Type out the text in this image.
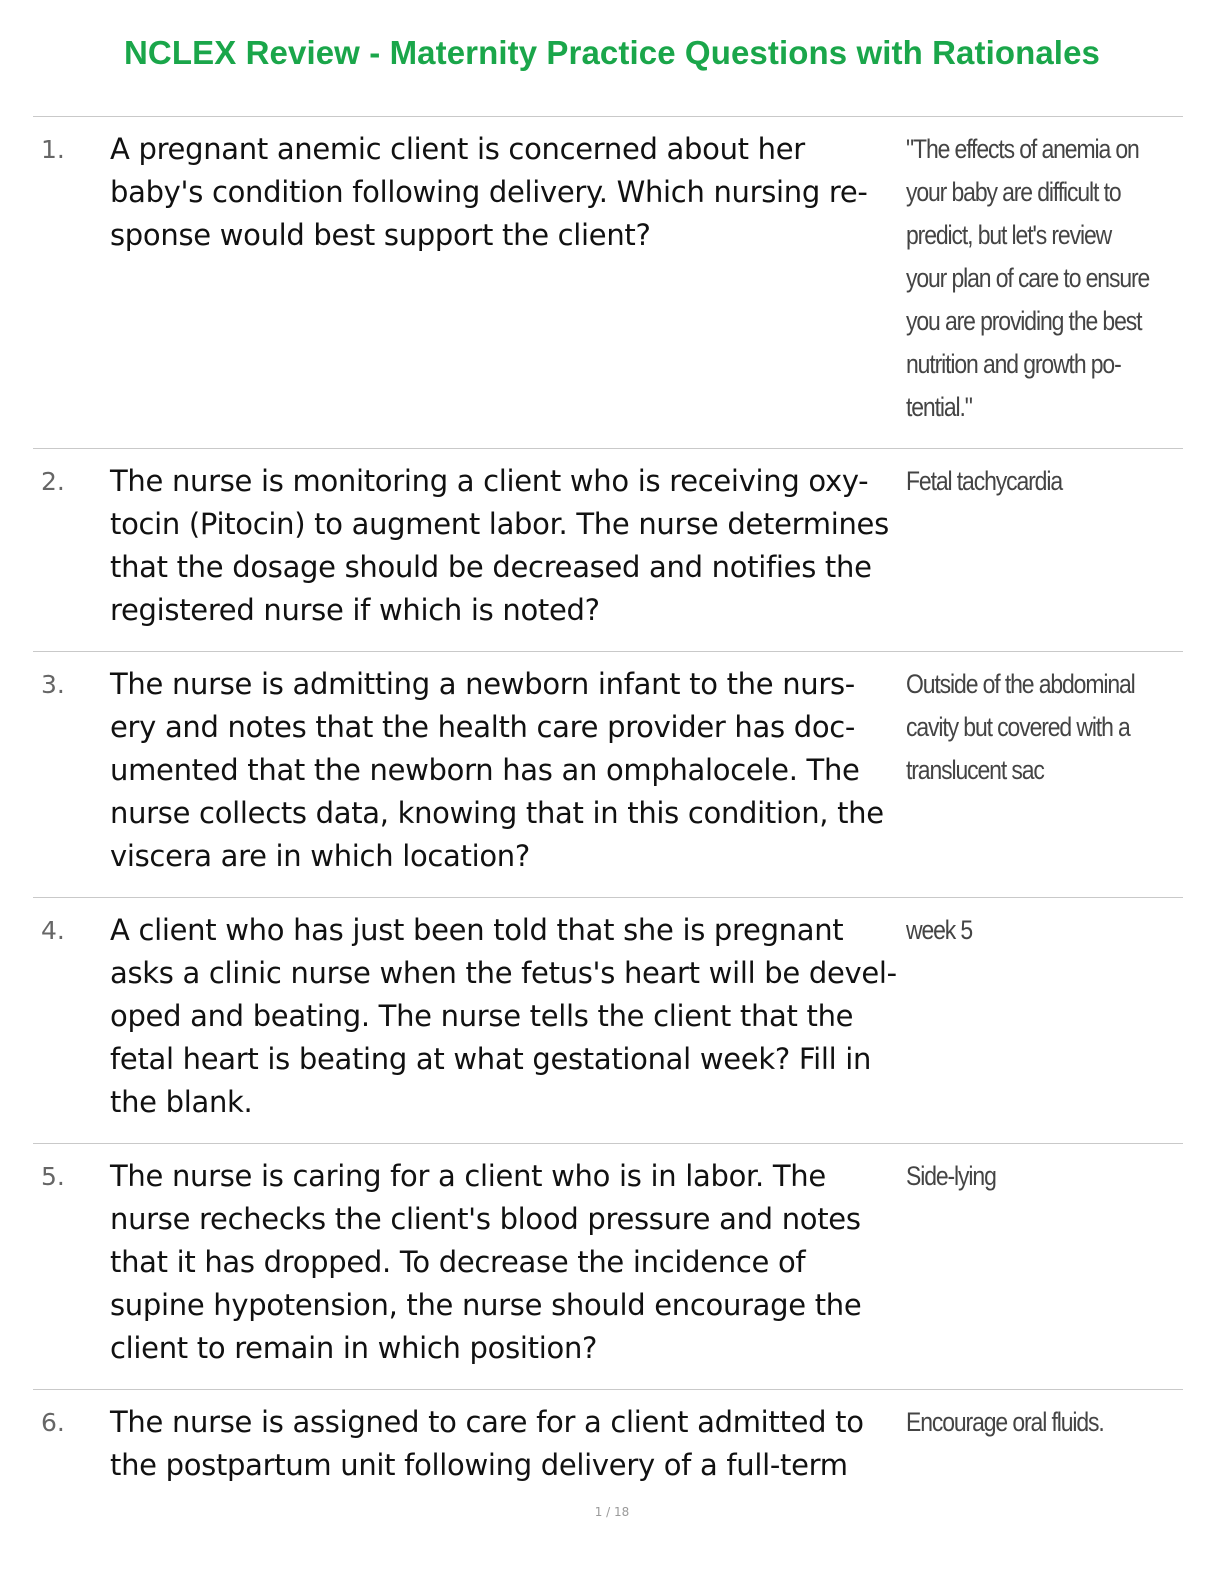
NCLEX Review - Maternity Practice Questions with Rationales
1. A pregnant anemic client is concerned about her
baby's condition following delivery. Which nursing re-
sponse would best support the client?
"The effects of anemia on
your baby are difficult to
predict, but let's review
your plan of care to ensure
you are providing the best
nutrition and growth po-
tential."
2. The nurse is monitoring a client who is receiving oxy-
tocin (Pitocin) to augment labor. The nurse determines
that the dosage should be decreased and notifies the
registered nurse if which is noted?
Fetal tachycardia
3. The nurse is admitting a newborn infant to the nurs-
ery and notes that the health care provider has doc-
umented that the newborn has an omphalocele. The
nurse collects data, knowing that in this condition, the
viscera are in which location?
Outside of the abdominal
cavity but covered with a
translucent sac
4. A client who has just been told that she is pregnant
asks a clinic nurse when the fetus's heart will be devel-
oped and beating. The nurse tells the client that the
fetal heart is beating at what gestational week? Fill in
the blank.
week 5
5. The nurse is caring for a client who is in labor. The
nurse rechecks the client's blood pressure and notes
that it has dropped. To decrease the incidence of
supine hypotension, the nurse should encourage the
client to remain in which position?
Side-lying
6. The nurse is assigned to care for a client admitted to
the postpartum unit following delivery of a full-term
Encourage oral fluids.
1 / 18
